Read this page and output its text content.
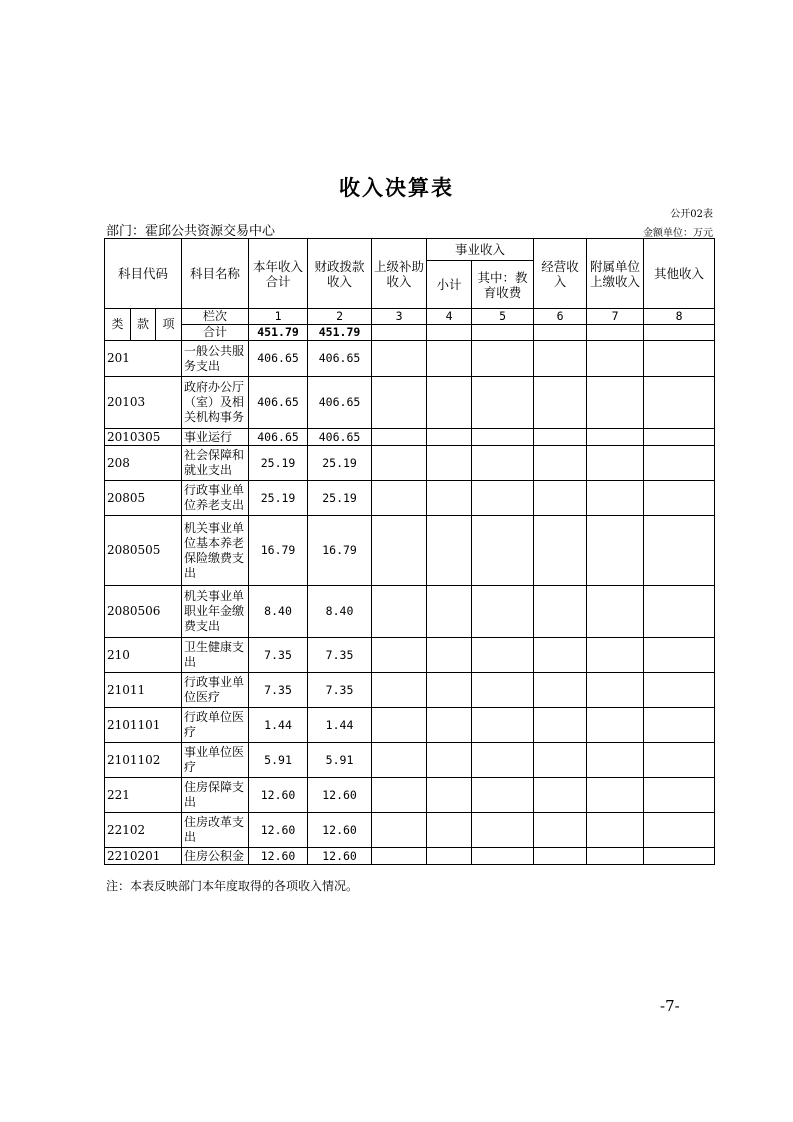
收入决算表
公开02表
部门：霍邱公共资源交易中心	金额单位：万元
科目代码			科目名称	本年收入合计	财政拨款收入	上级补助收入	事业收入		经营收入	附属单位上缴收入	其他收入
							小计	其中：教育收费			

类	款	项	栏次	1	2	3	4	5	6	7	8
			合计	451.79	451.79						
201			一般公共服务支出	406.65	406.65						
20103			政府办公厅（室）及相关机构事务	406.65	406.65						
2010305			事业运行	406.65	406.65						
208			社会保障和就业支出	25.19	25.19						
20805			行政事业单位养老支出	25.19	25.19						
2080505			机关事业单位基本养老保险缴费支出	16.79	16.79						
2080506			机关事业单职业年金缴费支出	8.40	8.40						
210			卫生健康支出	7.35	7.35						
21011			行政事业单位医疗	7.35	7.35						
2101101			行政单位医疗	1.44	1.44						
2101102			事业单位医疗	5.91	5.91						
221			住房保障支出	12.60	12.60						
22102			住房改革支出	12.60	12.60						
2210201			住房公积金	12.60	12.60						
注：本表反映部门本年度取得的各项收入情况。
-7-
